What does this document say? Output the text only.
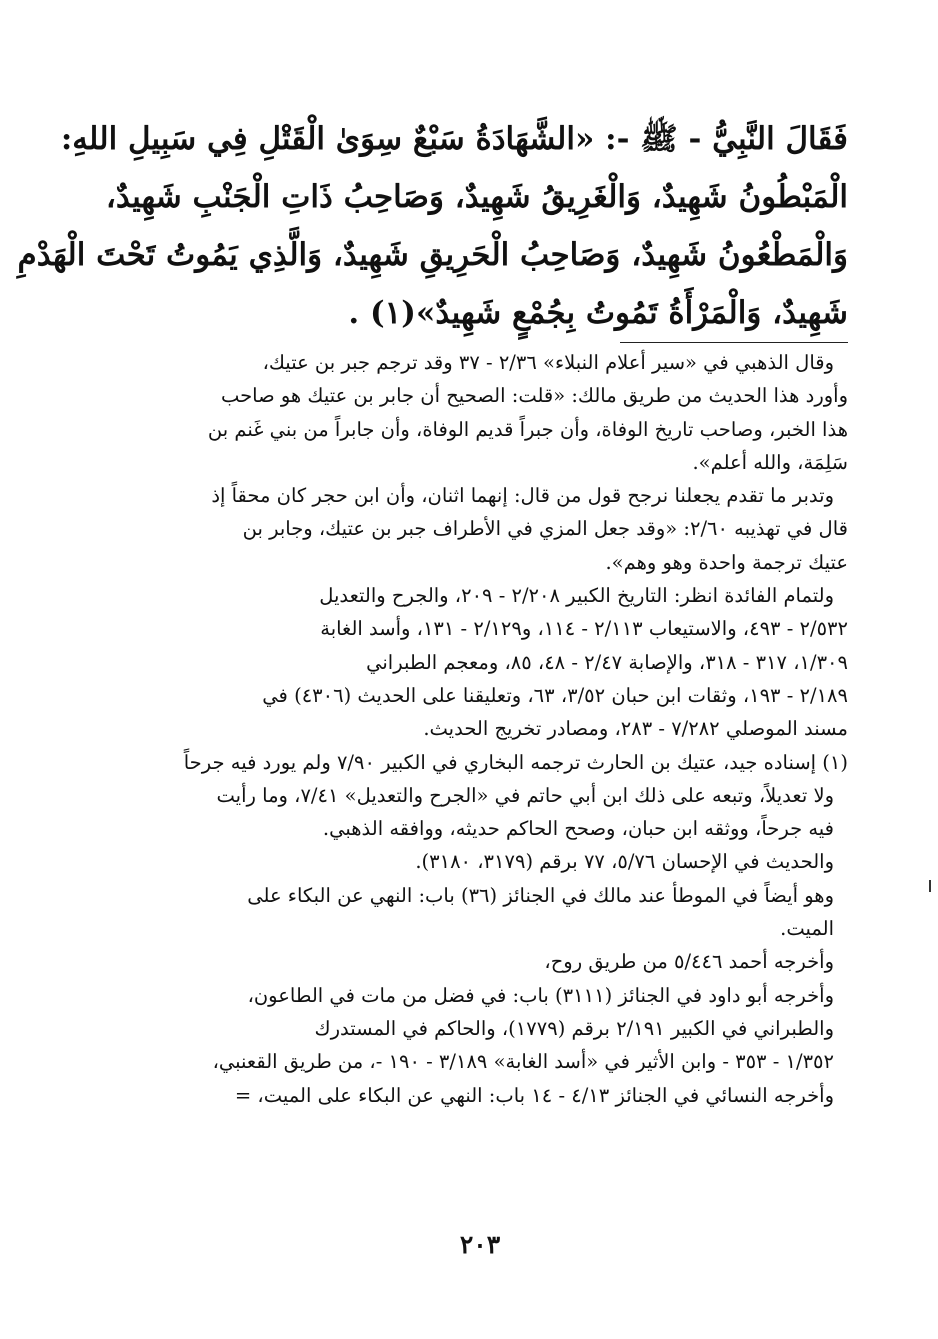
فَقَالَ النَّبِيُّ - ﷺ -: «الشَّهَادَةُ سَبْعٌ سِوَىٰ الْقَتْلِ فِي سَبِيلِ اللهِ:

الْمَبْطُونُ شَهِيدٌ، وَالْغَرِيقُ شَهِيدٌ، وَصَاحِبُ ذَاتِ الْجَنْبِ شَهِيدٌ،

وَالْمَطْعُونُ شَهِيدٌ، وَصَاحِبُ الْحَرِيقِ شَهِيدٌ، وَالَّذِي يَمُوتُ تَحْتَ الْهَدْمِ

شَهِيدٌ، وَالْمَرْأَةُ تَمُوتُ بِجُمْعٍ شَهِيدٌ»(١) .

وقال الذهبي في «سير أعلام النبلاء» ٢/٣٦ - ٣٧ وقد ترجم جبر بن عتيك،

وأورد هذا الحديث من طريق مالك: «قلت: الصحيح أن جابر بن عتيك هو صاحب

هذا الخبر، وصاحب تاريخ الوفاة، وأن جبراً قديم الوفاة، وأن جابراً من بني غَنم بن

سَلِمَة، والله أعلم».

وتدبر ما تقدم يجعلنا نرجح قول من قال: إنهما اثنان، وأن ابن حجر كان محقاً إذ

قال في تهذيبه ٢/٦٠: «وقد جعل المزي في الأطراف جبر بن عتيك، وجابر بن

عتيك ترجمة واحدة وهو وهم».

ولتمام الفائدة انظر: التاريخ الكبير ٢/٢٠٨ - ٢٠٩، والجرح والتعديل

٢/٥٣٢ - ٤٩٣، والاستيعاب ٢/١١٣ - ١١٤، و٢/١٢٩ - ١٣١، وأسد الغابة

١/٣٠٩، ٣١٧ - ٣١٨، والإصابة ٢/٤٧ - ٤٨، ٨٥، ومعجم الطبراني

٢/١٨٩ - ١٩٣، وثقات ابن حبان ٣/٥٢، ٦٣، وتعليقنا على الحديث (٤٣٠٦) في

مسند الموصلي ٧/٢٨٢ - ٢٨٣، ومصادر تخريج الحديث.

(١) إسناده جيد، عتيك بن الحارث ترجمه البخاري في الكبير ٧/٩٠ ولم يورد فيه جرحاً

ولا تعديلاً، وتبعه على ذلك ابن أبي حاتم في «الجرح والتعديل» ٧/٤١، وما رأيت

فيه جرحاً، ووثقه ابن حبان، وصحح الحاكم حديثه، ووافقه الذهبي.

والحديث في الإحسان ٥/٧٦، ٧٧ برقم (٣١٧٩، ٣١٨٠).

وهو أيضاً في الموطأ عند مالك في الجنائز (٣٦) باب: النهي عن البكاء على

الميت.

وأخرجه أحمد ٥/٤٤٦ من طريق روح،

وأخرجه أبو داود في الجنائز (٣١١١) باب: في فضل من مات في الطاعون،

والطبراني في الكبير ٢/١٩١ برقم (١٧٧٩)، والحاكم في المستدرك

١/٣٥٢ - ٣٥٣ - وابن الأثير في «أسد الغابة» ٣/١٨٩ - ١٩٠ -، من طريق القعنبي،

وأخرجه النسائي في الجنائز ٤/١٣ - ١٤ باب: النهي عن البكاء على الميت، =

٢٠٣
